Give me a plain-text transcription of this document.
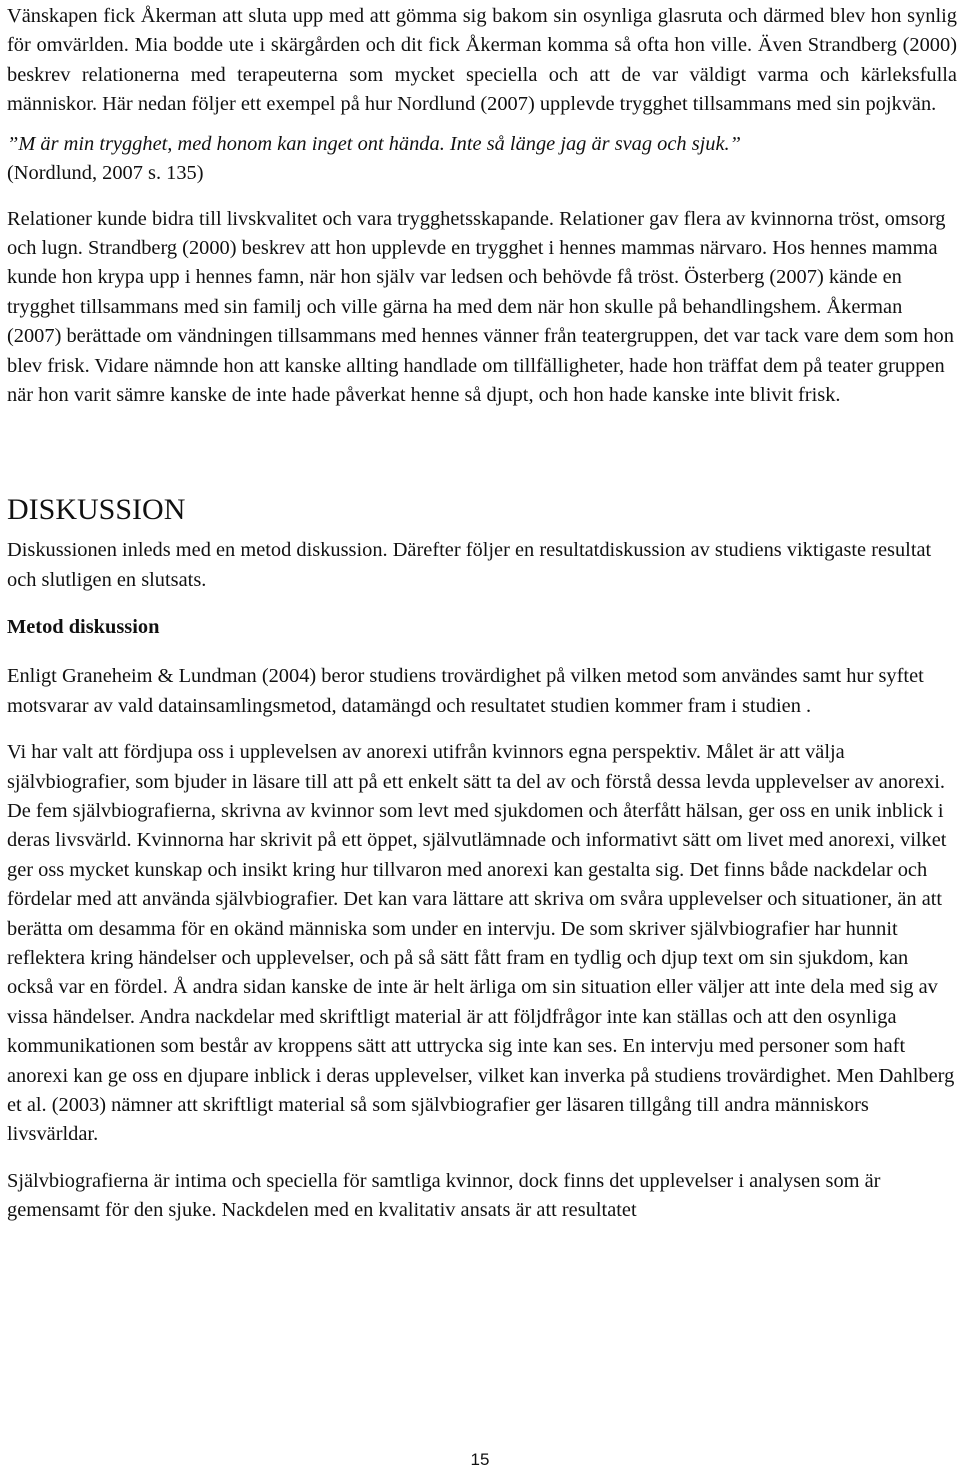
Vänskapen fick Åkerman att sluta upp med att gömma sig bakom sin osynliga glasruta och därmed blev hon synlig för omvärlden. Mia bodde ute i skärgården och dit fick Åkerman komma så ofta hon ville. Även Strandberg (2000) beskrev relationerna med terapeuterna som mycket speciella och att de var väldigt varma och kärleksfulla människor. Här nedan följer ett exempel på hur Nordlund (2007) upplevde trygghet tillsammans med sin pojkvän.

”M är min trygghet, med honom kan inget ont hända. Inte så länge jag är svag och sjuk.”
(Nordlund, 2007 s. 135)

Relationer kunde bidra till livskvalitet och vara trygghetsskapande. Relationer gav flera av kvinnorna tröst, omsorg och lugn. Strandberg (2000) beskrev att hon upplevde en trygghet i hennes mammas närvaro. Hos hennes mamma kunde hon krypa upp i hennes famn, när hon själv var ledsen och behövde få tröst. Österberg (2007) kände en trygghet tillsammans med sin familj och ville gärna ha med dem när hon skulle på behandlingshem. Åkerman (2007) berättade om vändningen tillsammans med hennes vänner från teatergruppen, det var tack vare dem som hon blev frisk. Vidare nämnde hon att kanske allting handlade om tillfälligheter, hade hon träffat dem på teater gruppen när hon varit sämre kanske de inte hade påverkat henne så djupt, och hon hade kanske inte blivit frisk.

DISKUSSION

Diskussionen inleds med en metod diskussion. Därefter följer en resultatdiskussion av studiens viktigaste resultat och slutligen en slutsats.

Metod diskussion

Enligt Graneheim & Lundman (2004) beror studiens trovärdighet på vilken metod som användes samt hur syftet motsvarar av vald datainsamlingsmetod, datamängd och resultatet studien kommer fram i studien .

Vi har valt att fördjupa oss i upplevelsen av anorexi utifrån kvinnors egna perspektiv. Målet är att välja självbiografier, som bjuder in läsare till att på ett enkelt sätt ta del av och förstå dessa levda upplevelser av anorexi. De fem självbiografierna, skrivna av kvinnor som levt med sjukdomen och återfått hälsan, ger oss en unik inblick i deras livsvärld. Kvinnorna har skrivit på ett öppet, självutlämnade och informativt sätt om livet med anorexi, vilket ger oss mycket kunskap och insikt kring hur tillvaron med anorexi kan gestalta sig. Det finns både nackdelar och fördelar med att använda självbiografier. Det kan vara lättare att skriva om svåra upplevelser och situationer, än att berätta om desamma för en okänd människa som under en intervju. De som skriver självbiografier har hunnit reflektera kring händelser och upplevelser, och på så sätt fått fram en tydlig och djup text om sin sjukdom, kan också var en fördel. Å andra sidan kanske de inte är helt ärliga om sin situation eller väljer att inte dela med sig av vissa händelser. Andra nackdelar med skriftligt material är att följdfrågor inte kan ställas och att den osynliga kommunikationen som består av kroppens sätt att uttrycka sig inte kan ses. En intervju med personer som haft anorexi kan ge oss en djupare inblick i deras upplevelser, vilket kan inverka på studiens trovärdighet. Men Dahlberg et al. (2003) nämner att skriftligt material så som självbiografier ger läsaren tillgång till andra människors livsvärldar.

Självbiografierna är intima och speciella för samtliga kvinnor, dock finns det upplevelser i analysen som är gemensamt för den sjuke. Nackdelen med en kvalitativ ansats är att resultatet

15
